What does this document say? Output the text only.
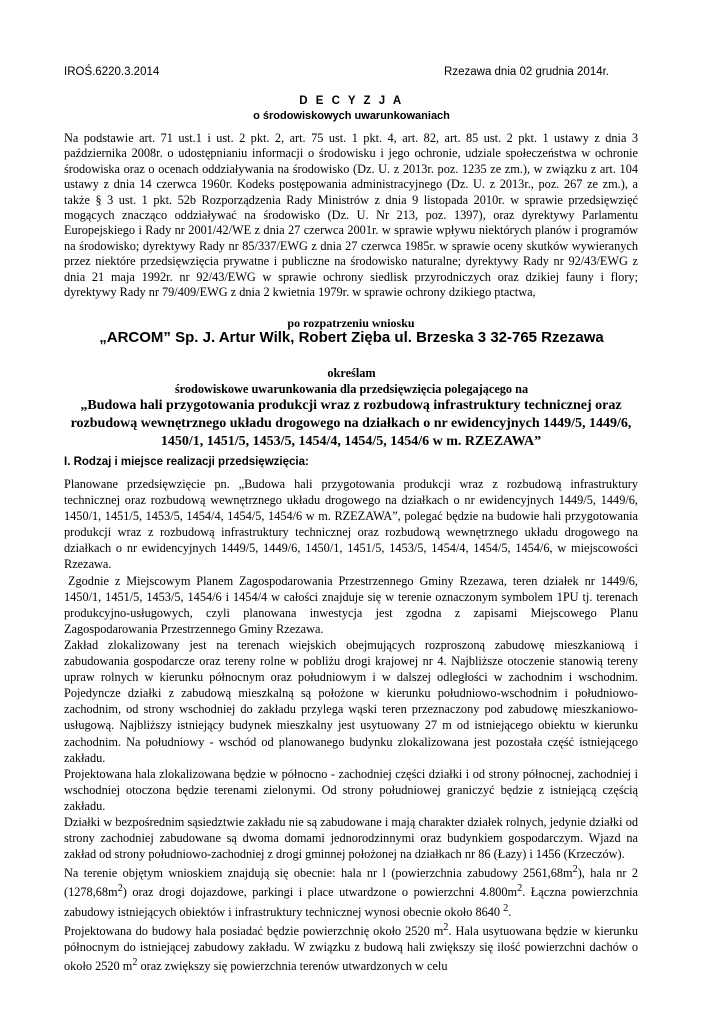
IROŚ.6220.3.2014	Rzezawa dnia 02 grudnia 2014r.
D E C Y Z J A
o środowiskowych uwarunkowaniach
Na podstawie art. 71 ust.1 i ust. 2 pkt. 2, art. 75 ust. 1 pkt. 4, art. 82, art. 85 ust. 2 pkt. 1 ustawy z dnia 3 października 2008r. o udostępnianiu informacji o środowisku i jego ochronie, udziale społeczeństwa w ochronie środowiska oraz o ocenach oddziaływania na środowisko (Dz. U. z 2013r. poz. 1235 ze zm.), w związku z art. 104 ustawy z dnia 14 czerwca 1960r. Kodeks postępowania administracyjnego (Dz. U. z 2013r., poz. 267 ze zm.), a także § 3 ust. 1 pkt. 52b Rozporządzenia Rady Ministrów z dnia 9 listopada 2010r. w sprawie przedsięwzięć mogących znacząco oddziaływać na środowisko (Dz. U. Nr 213, poz. 1397), oraz dyrektywy Parlamentu Europejskiego i Rady nr 2001/42/WE z dnia 27 czerwca 2001r. w sprawie wpływu niektórych planów i programów na środowisko; dyrektywy Rady nr 85/337/EWG z dnia 27 czerwca 1985r. w sprawie oceny skutków wywieranych przez niektóre przedsięwzięcia prywatne i publiczne na środowisko naturalne; dyrektywy Rady nr 92/43/EWG z dnia 21 maja 1992r. nr 92/43/EWG w sprawie ochrony siedlisk przyrodniczych oraz dzikiej fauny i flory; dyrektywy Rady nr 79/409/EWG z dnia 2 kwietnia 1979r. w sprawie ochrony dzikiego ptactwa,
po rozpatrzeniu wniosku
„ARCOM” Sp. J. Artur Wilk, Robert Zięba ul. Brzeska 3 32-765 Rzezawa
określam
środowiskowe uwarunkowania dla przedsięwzięcia polegającego na
„Budowa hali przygotowania produkcji wraz z rozbudową infrastruktury technicznej oraz rozbudową wewnętrznego układu drogowego na działkach o nr ewidencyjnych 1449/5, 1449/6, 1450/1, 1451/5, 1453/5, 1454/4, 1454/5, 1454/6 w m. RZEZAWA”
I. Rodzaj i miejsce realizacji przedsięwzięcia:

Planowane przedsięwzięcie pn. „Budowa hali przygotowania produkcji wraz z rozbudową infrastruktury technicznej oraz rozbudową wewnętrznego układu drogowego na działkach o nr ewidencyjnych 1449/5, 1449/6, 1450/1, 1451/5, 1453/5, 1454/4, 1454/5, 1454/6 w m. RZEZAWA”, polegać będzie na budowie hali przygotowania produkcji wraz z rozbudową infrastruktury technicznej oraz rozbudową wewnętrznego układu drogowego na działkach o nr ewidencyjnych 1449/5, 1449/6, 1450/1, 1451/5, 1453/5, 1454/4, 1454/5, 1454/6, w miejscowości Rzezawa.

Zgodnie z Miejscowym Planem Zagospodarowania Przestrzennego Gminy Rzezawa, teren działek nr 1449/6, 1450/1, 1451/5, 1453/5, 1454/6 i 1454/4 w całości znajduje się w terenie oznaczonym symbolem 1PU tj. terenach produkcyjno-usługowych, czyli planowana inwestycja jest zgodna z zapisami Miejscowego Planu Zagospodarowania Przestrzennego Gminy Rzezawa.

Zakład zlokalizowany jest na terenach wiejskich obejmujących rozproszoną zabudowę mieszkaniową i zabudowania gospodarcze oraz tereny rolne w pobliżu drogi krajowej nr 4. Najbliższe otoczenie stanowią tereny upraw rolnych w kierunku północnym oraz południowym i w dalszej odległości w zachodnim i wschodnim. Pojedyncze działki z zabudową mieszkalną są położone w kierunku południowo-wschodnim i południowo-zachodnim, od strony wschodniej do zakładu przylega wąski teren przeznaczony pod zabudowę mieszkaniowo-usługową. Najbliższy istniejący budynek mieszkalny jest usytuowany 27 m od istniejącego obiektu w kierunku zachodnim. Na południowy - wschód od planowanego budynku zlokalizowana jest pozostała część istniejącego zakładu.

Projektowana hala zlokalizowana będzie w północno - zachodniej części działki i od strony północnej, zachodniej i wschodniej otoczona będzie terenami zielonymi. Od strony południowej graniczyć będzie z istniejącą częścią zakładu.

Działki w bezpośrednim sąsiedztwie zakładu nie są zabudowane i mają charakter działek rolnych, jedynie działki od strony zachodniej zabudowane są dwoma domami jednorodzinnymi oraz budynkiem gospodarczym. Wjazd na zakład od strony południowo-zachodniej z drogi gminnej położonej na działkach nr 86 (Łazy) i 1456 (Krzeczów).

Na terenie objętym wnioskiem znajdują się obecnie: hala nr l (powierzchnia zabudowy $2561,68m^2$), hala nr 2 $(1278,68m^2)$ oraz drogi dojazdowe, parkingi i place utwardzone o powierzchni $4.800m^2$. Łączna powierzchnia zabudowy istniejących obiektów i infrastruktury technicznej wynosi obecnie około 8640 $^2$.

Projektowana do budowy hala posiadać będzie powierzchnię około 2520 $m^2$. Hala usytuowana będzie w kierunku północnym do istniejącej zabudowy zakładu. W związku z budową hali zwiększy się ilość powierzchni dachów o około 2520 $m^2$ oraz zwiększy się powierzchnia terenów utwardzonych w celu
